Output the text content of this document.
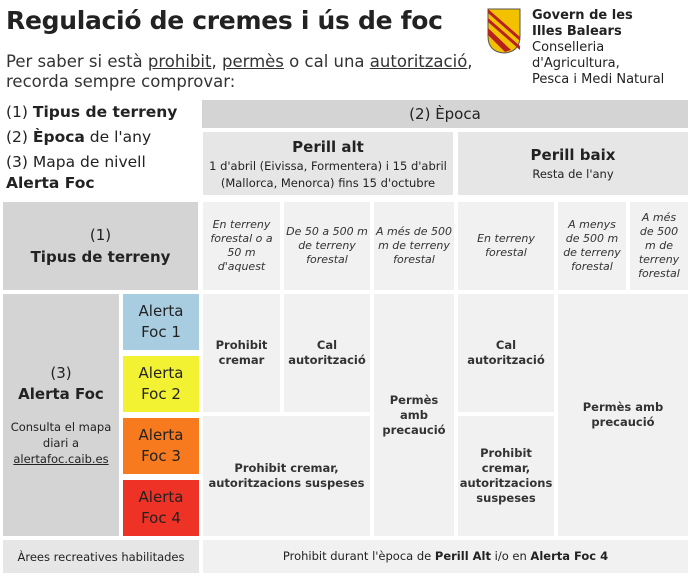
Regulació de cremes i ús de foc
Per saber si està prohibit, permès o cal una autorització,
recorda sempre comprovar:
(1) Tipus de terreny
(2) Època de l'any
(3) Mapa de nivell
Alerta Foc
Govern de les
Illes Balears
Conselleria d'Agricultura,
Pesca i Medi Natural
(2) Època
Perill alt
1 d'abril (Eivissa, Formentera) i 15 d'abril
(Mallorca, Menorca) fins 15 d'octubre
Perill baix
Resta de l'any
(1)
Tipus de terreny
En terreny
forestal o a
50 m
d'aquest
De 50 a 500 m
de terreny
forestal
A més de 500
m de terreny
forestal
En terreny
forestal
A menys
de 500 m
de terreny
forestal
A més
de 500
m de
terreny
forestal
(3)
Alerta Foc
Consulta el mapa
diari a
alertafoc.caib.es
Alerta
Foc 1
Alerta
Foc 2
Alerta
Foc 3
Alerta
Foc 4
Prohibit
cremar
Cal
autorització
Permès
amb
precaució
Cal
autorització
Permès amb
precaució
Prohibit cremar,
autoritzacions suspeses
Prohibit
cremar,
autoritzacions
suspeses
Àrees recreatives habilitades	Prohibit durant l'època de Perill Alt i/o en Alerta Foc 4
